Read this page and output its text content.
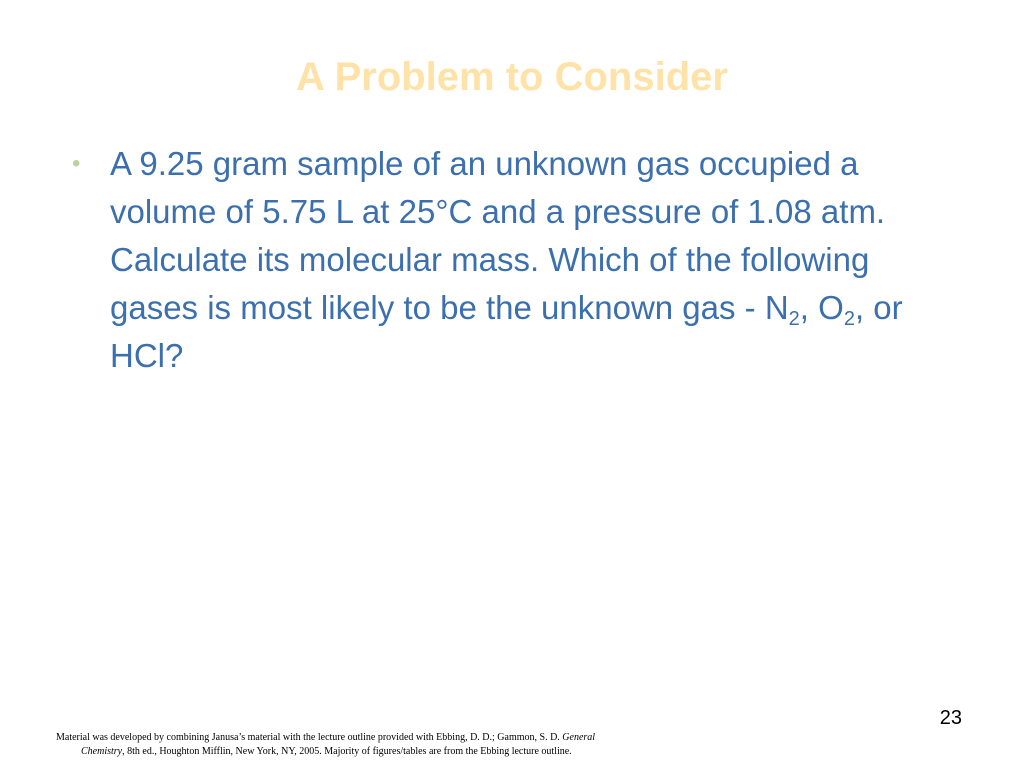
A Problem to Consider
• A 9.25 gram sample of an unknown gas occupied a volume of 5.75 L at 25°C and a pressure of 1.08 atm. Calculate its molecular mass. Which of the following gases is most likely to be the unknown gas - $N_2$, $O_2$, or HCl?
23
Material was developed by combining Janusa’s material with the lecture outline provided with Ebbing, D. D.; Gammon, S. D. General
Chemistry, 8th ed., Houghton Mifflin, New York, NY, 2005. Majority of figures/tables are from the Ebbing lecture outline.
